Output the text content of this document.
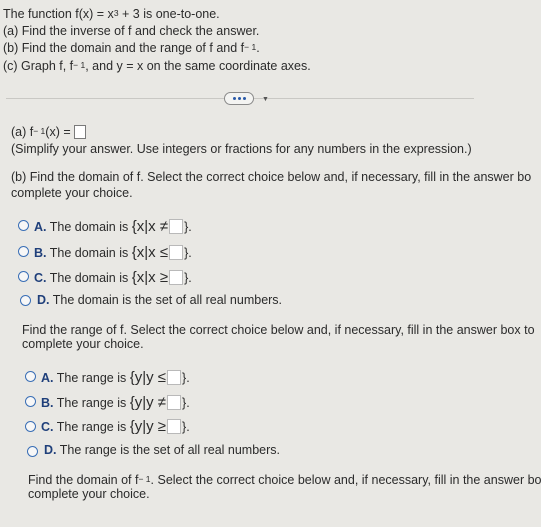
The function $f(x) = x^3 + 3$ is one-to-one.
(a) Find the inverse of f and check the answer.
(b) Find the domain and the range of f and $f^{- 1}$.
(c) Graph f, $f^{- 1}$, and y = x on the same coordinate axes.
▼
(a) $f^{- 1}(x)$ =
(Simplify your answer. Use integers or fractions for any numbers in the expression.)
(b) Find the domain of f. Select the correct choice below and, if necessary, fill in the answer bo
complete your choice.
A. The domain is {x|x ≠ }.
B. The domain is {x|x ≤ }.
C. The domain is {x|x ≥ }.
D. The domain is the set of all real numbers.
Find the range of f. Select the correct choice below and, if necessary, fill in the answer box to
complete your choice.
A. The range is {y|y ≤ }.
B. The range is {y|y ≠ }.
C. The range is {y|y ≥ }.
D. The range is the set of all real numbers.
Find the domain of $f^{- 1}$. Select the correct choice below and, if necessary, fill in the answer bo
complete your choice.
